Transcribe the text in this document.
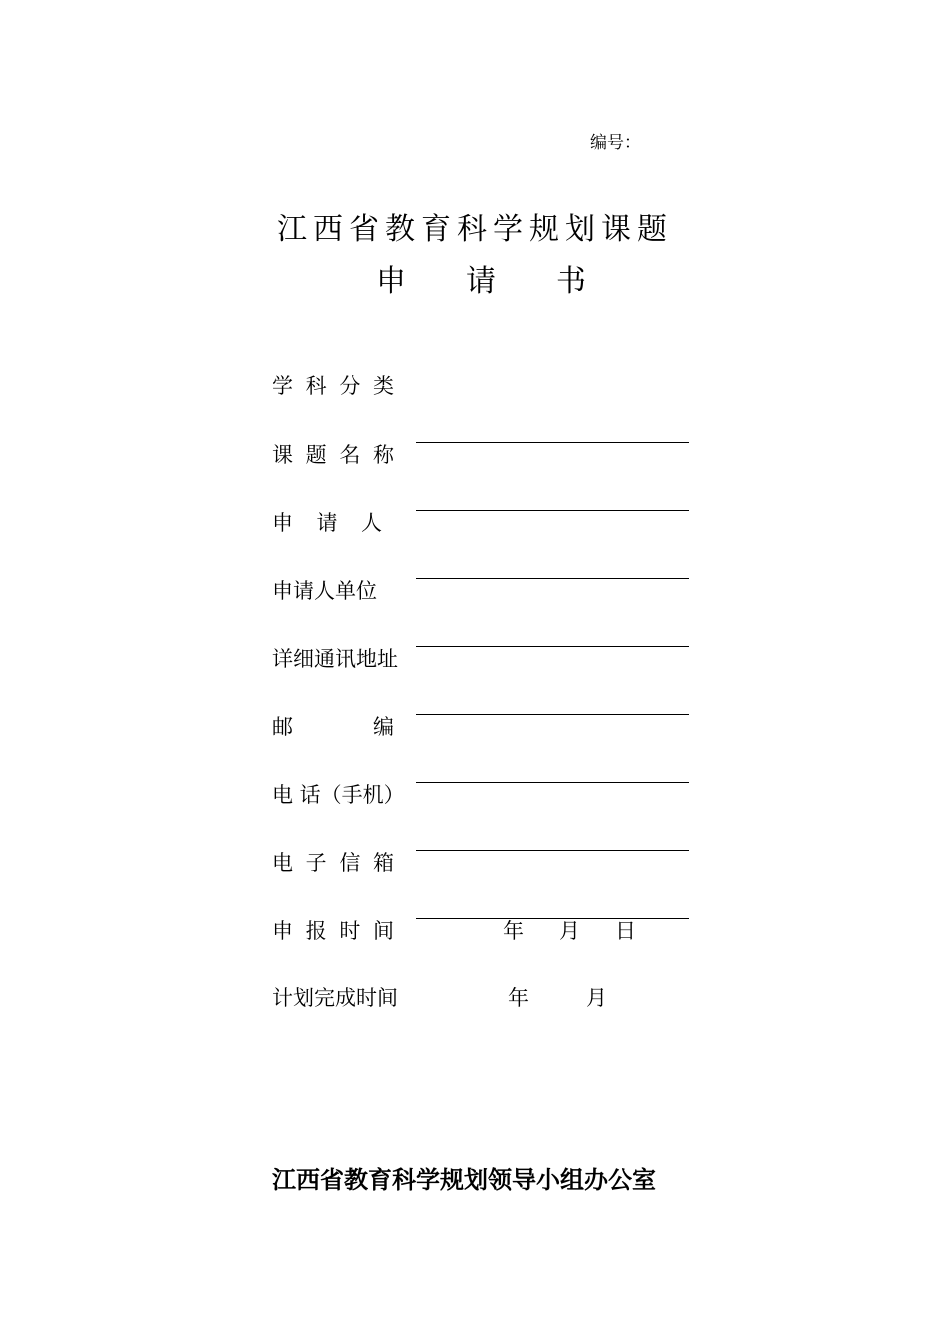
编号：
江西省教育科学规划课题
申 请 书
学 科 分 类
课 题 名 称
申 请 人
申请人单位
详细通讯地址
邮	编
电 话（手机）
电 子 信 箱
申 报 时 间	年 月 日
计划完成时间	年	月
江西省教育科学规划领导小组办公室
